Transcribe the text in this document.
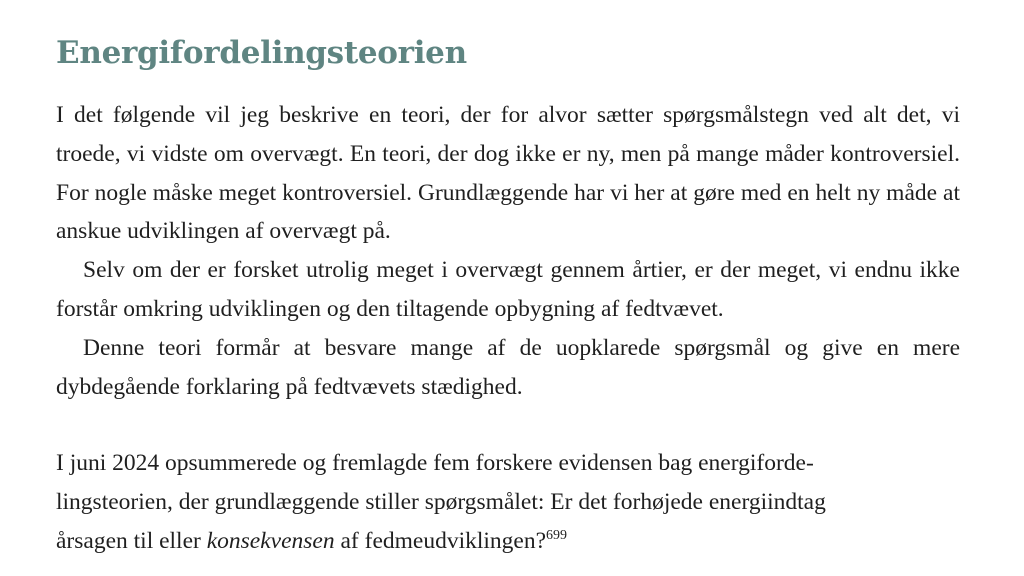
Energifordelingsteorien

I det følgende vil jeg beskrive en teori, der for alvor sætter spørgsmålstegn ved alt det, vi troede, vi vidste om overvægt. En teori, der dog ikke er ny, men på mange måder kontroversiel. For nogle måske meget kontroversiel. Grundlæggende har vi her at gøre med en helt ny måde at anskue udviklingen af overvægt på.

Selv om der er forsket utrolig meget i overvægt gennem årtier, er der meget, vi endnu ikke forstår omkring udviklingen og den tiltagende opbygning af fedtvævet.

Denne teori formår at besvare mange af de uopklarede spørgsmål og give en mere dybdegående forklaring på fedtvævets stædighed.

I juni 2024 opsummerede og fremlagde fem forskere evidensen bag energiforde-
lingsteorien, der grundlæggende stiller spørgsmålet: Er det forhøjede energiindtag
årsagen til eller konsekvensen af fedmeudviklingen?$^{699}$
